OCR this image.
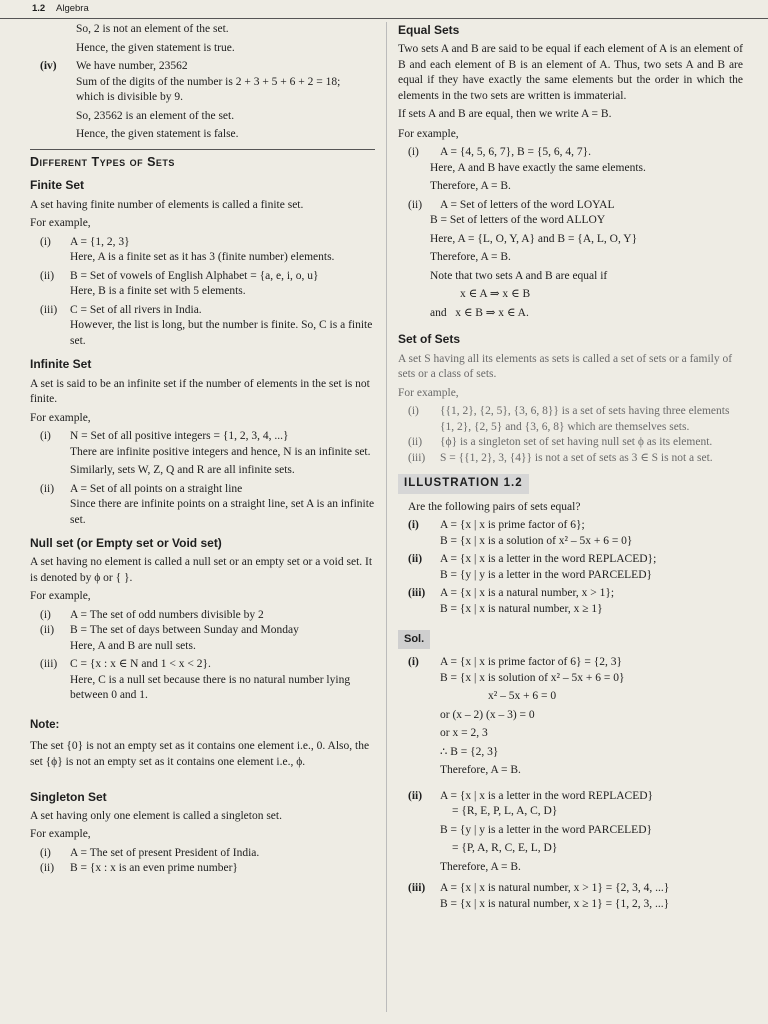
1.2 Algebra

So, 2 is not an element of the set.

Hence, the given statement is true.

(iv)	We have number, 23562

Sum of the digits of the number is 2 + 3 + 5 + 6 + 2 = 18;

which is divisible by 9.

So, 23562 is an element of the set.

Hence, the given statement is false.

Different Types of Sets
Finite Set

A set having finite number of elements is called a finite set.

For example,

(i)	A = {1, 2, 3}

Here, A is a finite set as it has 3 (finite number) elements.

(ii)	B = Set of vowels of English Alphabet = {a, e, i, o, u}

Here, B is a finite set with 5 elements.

(iii)	C = Set of all rivers in India.

However, the list is long, but the number is finite. So, C is a finite set.

Infinite Set

A set is said to be an infinite set if the number of elements in the set is not finite.

For example,

(i)	N = Set of all positive integers = {1, 2, 3, 4, ...}

There are infinite positive integers and hence, N is an infinite set.

Similarly, sets W, Z, Q and R are all infinite sets.

(ii)	A = Set of all points on a straight line

Since there are infinite points on a straight line, set A is an infinite set.

Null set (or Empty set or Void set)

A set having no element is called a null set or an empty set or a void set. It is denoted by ϕ or { }.

For example,

(i)	A = The set of odd numbers divisible by 2
(ii)	B = The set of days between Sunday and Monday

Here, A and B are null sets.

(iii)	C = {x : x ∈ N and 1 < x < 2}.

Here, C is a null set because there is no natural number lying between 0 and 1.

Note:

The set {0} is not an empty set as it contains one element i.e., 0. Also, the set {ϕ} is not an empty set as it contains one element i.e., ϕ.

Singleton Set

A set having only one element is called a singleton set.

For example,

(i)	A = The set of present President of India.
(ii)	B = {x : x is an even prime number}
Equal Sets

Two sets A and B are said to be equal if each element of A is an element of B and each element of B is an element of A. Thus, two sets A and B are equal if they have exactly the same elements but the order in which the elements in the two sets are written is immaterial.

If sets A and B are equal, then we write A = B.

For example,

(i)	A = {4, 5, 6, 7}, B = {5, 6, 4, 7}.

Here, A and B have exactly the same elements.

Therefore, A = B.

(ii)	A = Set of letters of the word LOYAL

B = Set of letters of the word ALLOY

Here, A = {L, O, Y, A} and B = {A, L, O, Y}

Therefore, A = B.

Note that two sets A and B are equal if

x ∈ A ⇒ x ∈ B

and x ∈ B ⇒ x ∈ A.

Set of Sets

A set S having all its elements as sets is called a set of sets or a family of sets or a class of sets.

For example,

(i)	{{1, 2}, {2, 5}, {3, 6, 8}} is a set of sets having three elements {1, 2}, {2, 5} and {3, 6, 8} which are themselves sets.
(ii)	{ϕ} is a singleton set of set having null set ϕ as its element.
(iii)	S = {{1, 2}, 3, {4}} is not a set of sets as 3 ∈ S is not a set.
ILLUSTRATION 1.2

Are the following pairs of sets equal?

(i)	A = {x | x is prime factor of 6};

B = {x | x is a solution of x² – 5x + 6 = 0}

(ii)	A = {x | x is a letter in the word REPLACED};

B = {y | y is a letter in the word PARCELED}

(iii)	A = {x | x is a natural number, x > 1};

B = {x | x is natural number, x ≥ 1}

Sol.
(i)	A = {x | x is prime factor of 6} = {2, 3}

B = {x | x is solution of x² – 5x + 6 = 0}

x² – 5x + 6 = 0

or (x – 2) (x – 3) = 0

or x = 2, 3

∴ B = {2, 3}

Therefore, A = B.

(ii)	A = {x | x is a letter in the word REPLACED}

= {R, E, P, L, A, C, D}

B = {y | y is a letter in the word PARCELED}

= {P, A, R, C, E, L, D}

Therefore, A = B.

(iii)	A = {x | x is natural number, x > 1} = {2, 3, 4, ...}

B = {x | x is natural number, x ≥ 1} = {1, 2, 3, ...}
